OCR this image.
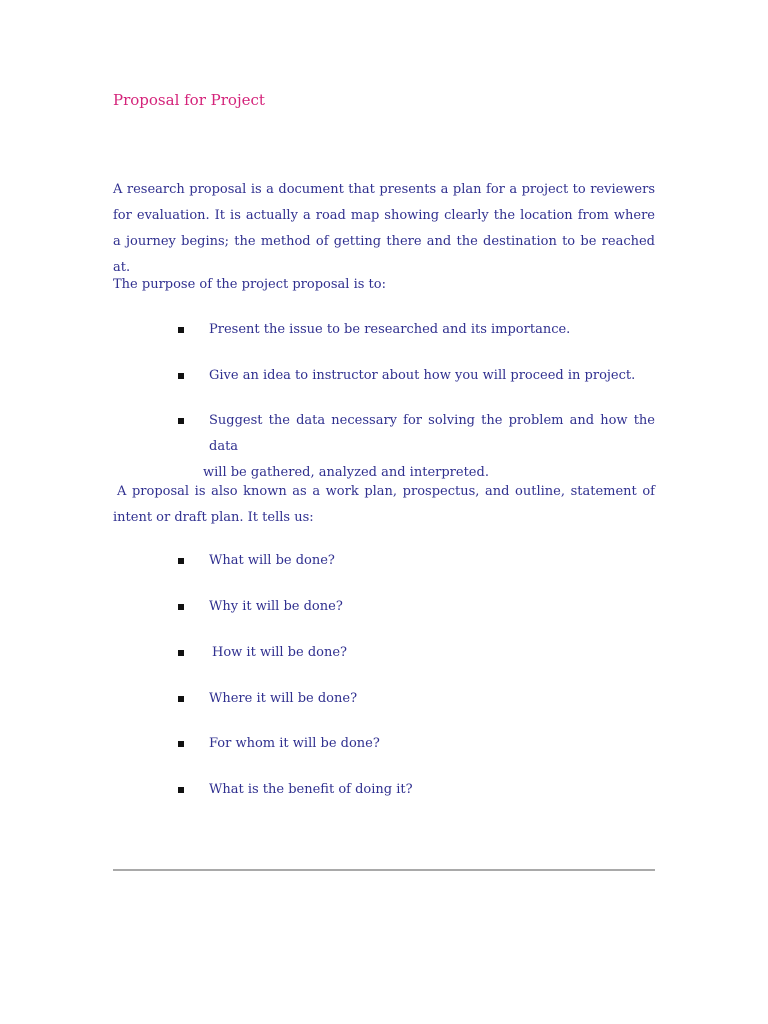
Proposal for Project

A research proposal is a document that presents a plan for a project to reviewers for evaluation. It is actually a road map showing clearly the location from where a journey begins; the method of getting there and the destination to be reached at.

The purpose of the project proposal is to:

Present the issue to be researched and its importance.
Give an idea to instructor about how you will proceed in project.
Suggest the data necessary for solving the problem and how the data
will be gathered, analyzed and interpreted.

A proposal is also known as a work plan, prospectus, and outline, statement of intent or draft plan. It tells us:

What will be done?
Why it will be done?
How it will be done?
Where it will be done?
For whom it will be done?
What is the benefit of doing it?
